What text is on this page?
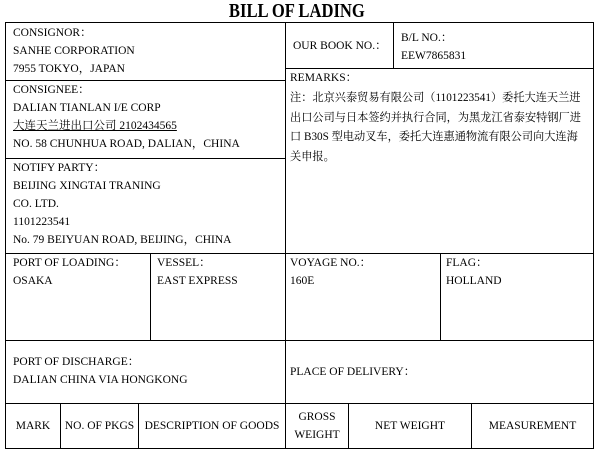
BILL OF LADING
CONSIGNOR：
SANHE CORPORATION
7955 TOKYO，JAPAN
CONSIGNEE：
DALIAN TIANLAN I/E CORP
大连天兰进出口公司 2102434565
NO. 58 CHUNHUA ROAD, DALIAN，CHINA
NOTIFY PARTY：
BEIJING XINGTAI TRANING
CO. LTD.
1101223541
No. 79 BEIYUAN ROAD, BEIJING，CHINA
OUR BOOK NO.：
B/L NO.：
EEW7865831
REMARKS：
注：北京兴泰贸易有限公司（1101223541）委托大连天兰进
出口公司与日本签约并执行合同，为黑龙江省泰安特钢厂进
口 B30S 型电动叉车，委托大连惠通物流有限公司向大连海
关申报。
PORT OF LOADING：
OSAKA
VESSEL：
EAST EXPRESS
VOYAGE NO.：
160E
FLAG：
HOLLAND
PORT OF DISCHARGE：
DALIAN CHINA VIA HONGKONG
PLACE OF DELIVERY：
MARK NO. OF PKGS DESCRIPTION OF GOODS
GROSS WEIGHT
NET WEIGHT	MEASUREMENT
